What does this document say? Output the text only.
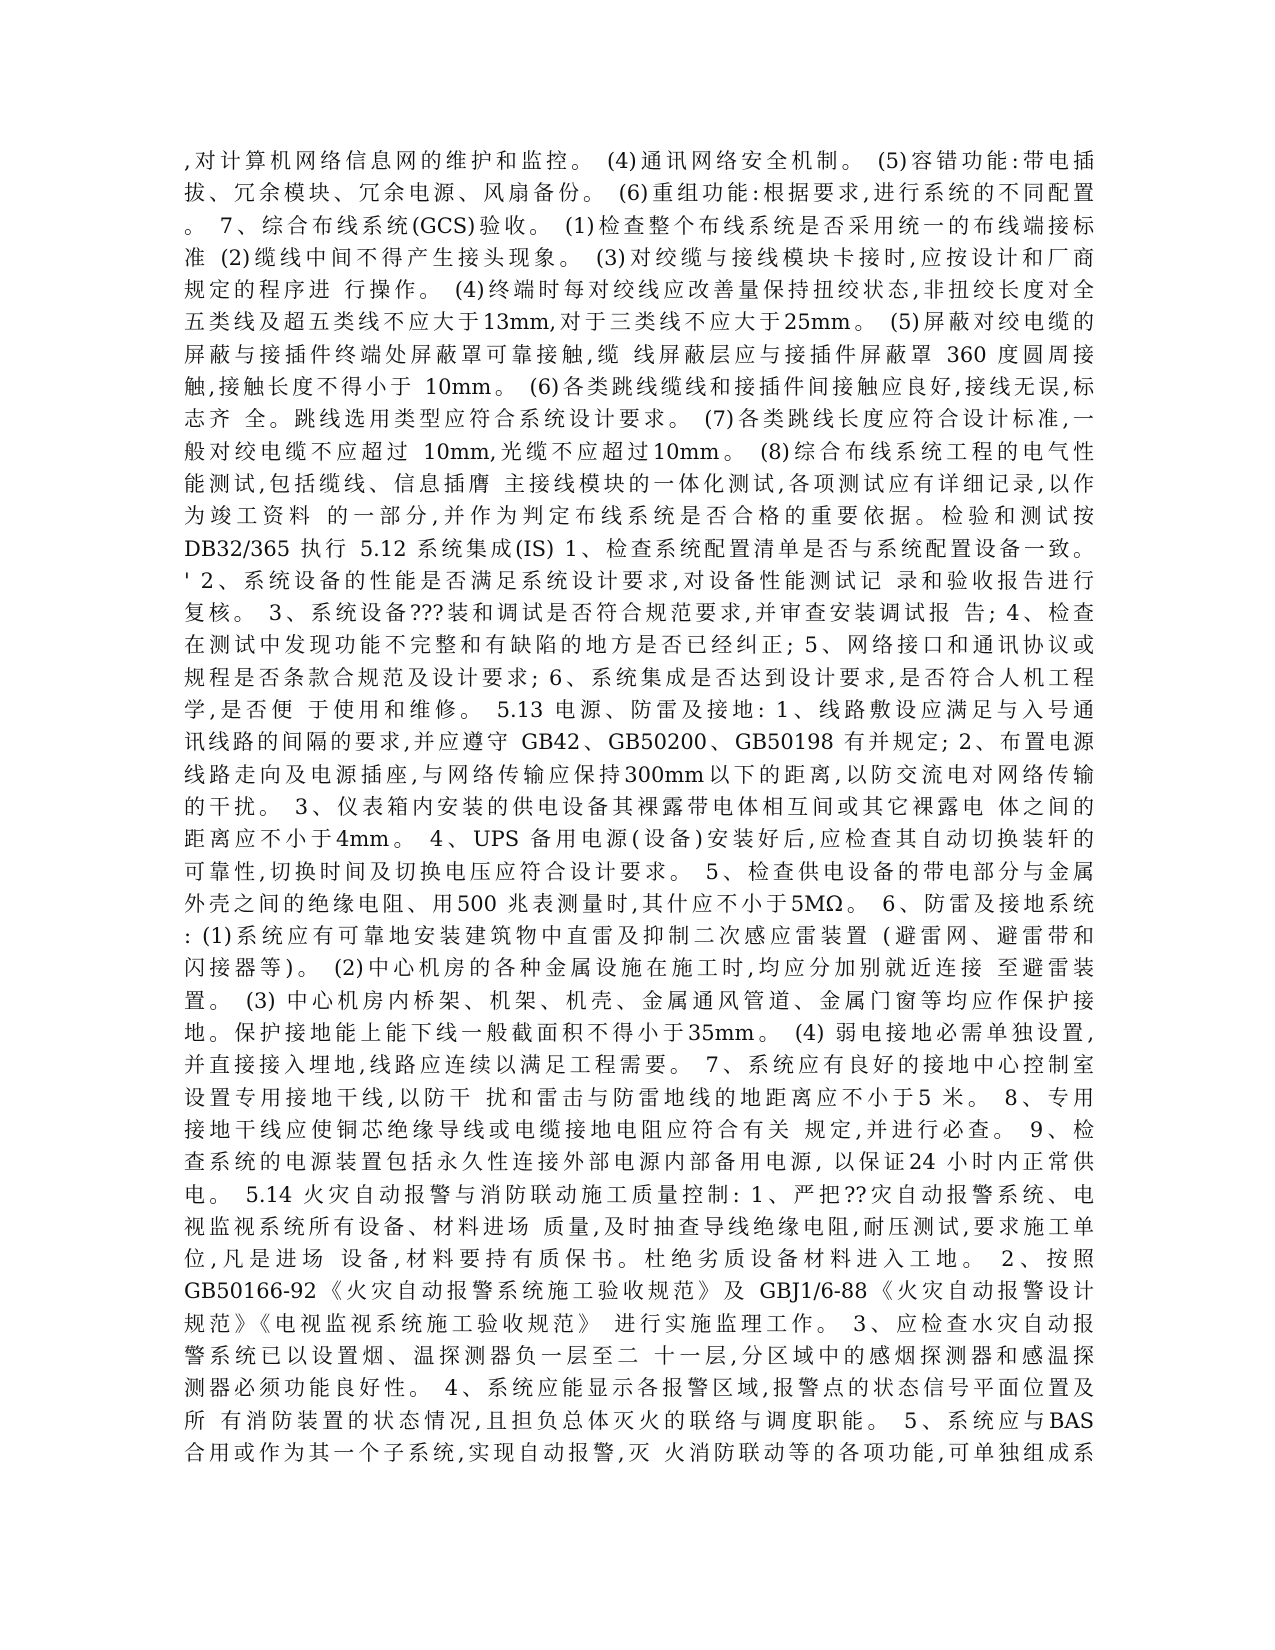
,对计算机网络信息网的维护和监控。 (4)通讯网络安全机制。 (5)容错功能:带电插
拔、冗余模块、冗余电源、风扇备份。 (6)重组功能:根据要求,进行系统的不同配置
。 7、综合布线系统(GCS)验收。 (1)检查整个布线系统是否采用统一的布线端接标
准 (2)缆线中间不得产生接头现象。 (3)对绞缆与接线模块卡接时,应按设计和厂商
规定的程序进 行操作。 (4)终端时每对绞线应改善量保持扭绞状态,非扭绞长度对全
五类线及超五类线不应大于13mm,对于三类线不应大于25mm。 (5)屏蔽对绞电缆的
屏蔽与接插件终端处屏蔽罩可靠接触,缆 线屏蔽层应与接插件屏蔽罩 360 度圆周接
触,接触长度不得小于 10mm。 (6)各类跳线缆线和接插件间接触应良好,接线无误,标
志齐 全。跳线选用类型应符合系统设计要求。 (7)各类跳线长度应符合设计标准,一
般对绞电缆不应超过 10mm,光缆不应超过10mm。 (8)综合布线系统工程的电气性
能测试,包括缆线、信息插膺 主接线模块的一体化测试,各项测试应有详细记录,以作
为竣工资料 的一部分,并作为判定布线系统是否合格的重要依据。检验和测试按
DB32/365 执行 5.12 系统集成(IS) 1、检查系统配置清单是否与系统配置设备一致。
' 2、系统设备的性能是否满足系统设计要求,对设备性能测试记 录和验收报告进行
复核。 3、系统设备???装和调试是否符合规范要求,并审查安装调试报 告; 4、检查
在测试中发现功能不完整和有缺陷的地方是否已经纠正; 5、网络接口和通讯协议或
规程是否条款合规范及设计要求; 6、系统集成是否达到设计要求,是否符合人机工程
学,是否便 于使用和维修。 5.13 电源、防雷及接地: 1、线路敷设应满足与入号通
讯线路的间隔的要求,并应遵守 GB42、GB50200、GB50198 有并规定; 2、布置电源
线路走向及电源插座,与网络传输应保持300mm以下的距离,以防交流电对网络传输
的干扰。 3、仪表箱内安装的供电设备其裸露带电体相互间或其它裸露电 体之间的
距离应不小于4mm。 4、UPS 备用电源(设备)安装好后,应检查其自动切换装轩的
可靠性,切换时间及切换电压应符合设计要求。 5、检查供电设备的带电部分与金属
外壳之间的绝缘电阻、用500 兆表测量时,其什应不小于5MΩ。 6、防雷及接地系统
: (1)系统应有可靠地安装建筑物中直雷及抑制二次感应雷装置 (避雷网、避雷带和
闪接器等)。 (2)中心机房的各种金属设施在施工时,均应分加别就近连接 至避雷装
置。 (3) 中心机房内桥架、机架、机壳、金属通风管道、金属门窗等均应作保护接
地。保护接地能上能下线一般截面积不得小于35mm。 (4) 弱电接地必需单独设置,
并直接接入埋地,线路应连续以满足工程需要。 7、系统应有良好的接地中心控制室
设置专用接地干线,以防干 扰和雷击与防雷地线的地距离应不小于5 米。 8、专用
接地干线应使铜芯绝缘导线或电缆接地电阻应符合有关 规定,并进行必查。 9、检
查系统的电源装置包括永久性连接外部电源内部备用电源, 以保证24 小时内正常供
电。 5.14 火灾自动报警与消防联动施工质量控制: 1、严把??灾自动报警系统、电
视监视系统所有设备、材料进场 质量,及时抽查导线绝缘电阻,耐压测试,要求施工单
位,凡是进场 设备,材料要持有质保书。杜绝劣质设备材料进入工地。 2、按照
GB50166-92《火灾自动报警系统施工验收规范》及 GBJ1/6-88《火灾自动报警设计
规范》《电视监视系统施工验收规范》 进行实施监理工作。 3、应检查水灾自动报
警系统已以设置烟、温探测器负一层至二 十一层,分区域中的感烟探测器和感温探
测器必须功能良好性。 4、系统应能显示各报警区域,报警点的状态信号平面位置及
所 有消防装置的状态情况,且担负总体灭火的联络与调度职能。 5、系统应与BAS
合用或作为其一个子系统,实现自动报警,灭 火消防联动等的各项功能,可单独组成系
